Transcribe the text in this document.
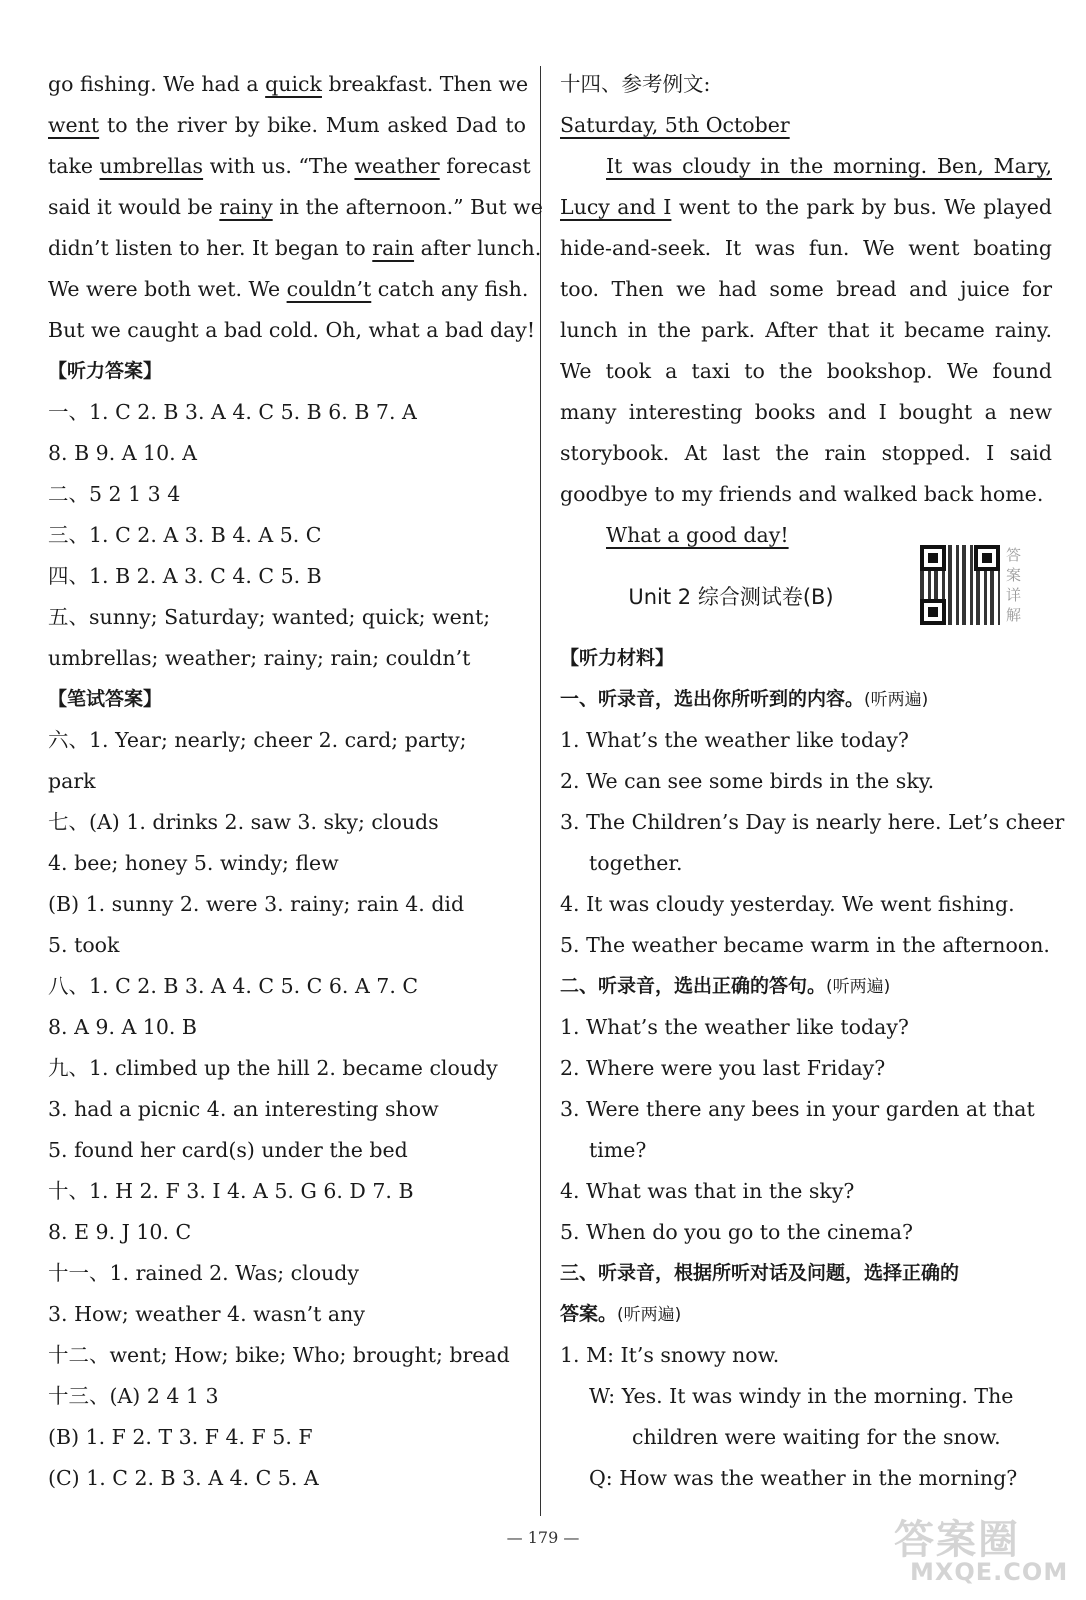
go fishing. We had a quick breakfast. Then we
went to the river by bike. Mum asked Dad to
take umbrellas with us. “The weather forecast
said it would be rainy in the afternoon.” But we
didn’t listen to her. It began to rain after lunch.
We were both wet. We couldn’t catch any fish.
But we caught a bad cold. Oh, what a bad day!
【听力答案】
一、1. C 2. B 3. A 4. C 5. B 6. B 7. A
8. B 9. A 10. A
二、5 2 1 3 4
三、1. C 2. A 3. B 4. A 5. C
四、1. B 2. A 3. C 4. C 5. B
五、sunny; Saturday; wanted; quick; went;
umbrellas; weather; rainy; rain; couldn’t
【笔试答案】
六、1. Year; nearly; cheer 2. card; party;
park
七、(A) 1. drinks 2. saw 3. sky; clouds
4. bee; honey 5. windy; flew
(B) 1. sunny 2. were 3. rainy; rain 4. did
5. took
八、1. C 2. B 3. A 4. C 5. C 6. A 7. C
8. A 9. A 10. B
九、1. climbed up the hill 2. became cloudy
3. had a picnic 4. an interesting show
5. found her card(s) under the bed
十、1. H 2. F 3. I 4. A 5. G 6. D 7. B
8. E 9. J 10. C
十一、1. rained 2. Was; cloudy
3. How; weather 4. wasn’t any
十二、went; How; bike; Who; brought; bread
十三、(A) 2 4 1 3
(B) 1. F 2. T 3. F 4. F 5. F
(C) 1. C 2. B 3. A 4. C 5. A
十四、参考例文:
Saturday, 5th October
It was cloudy in the morning. Ben, Mary,
Lucy and I went to the park by bus. We played
hide-and-seek. It was fun. We went boating
too. Then we had some bread and juice for
lunch in the park. After that it became rainy.
We took a taxi to the bookshop. We found
many interesting books and I bought a new
storybook. At last the rain stopped. I said
goodbye to my friends and walked back home.
What a good day!
Unit 2 综合测试卷(B)
【听力材料】
一、听录音，选出你所听到的内容。(听两遍)
1. What’s the weather like today?
2. We can see some birds in the sky.
3. The Children’s Day is nearly here. Let’s cheer
together.
4. It was cloudy yesterday. We went fishing.
5. The weather became warm in the afternoon.
二、听录音，选出正确的答句。(听两遍)
1. What’s the weather like today?
2. Where were you last Friday?
3. Were there any bees in your garden at that
time?
4. What was that in the sky?
5. When do you go to the cinema?
三、听录音，根据所听对话及问题，选择正确的
答案。(听两遍)
1. M: It’s snowy now.
W: Yes. It was windy in the morning. The
children were waiting for the snow.
Q: How was the weather in the morning?
答案详解
— 179 —	答案圈
MXQE.COM
